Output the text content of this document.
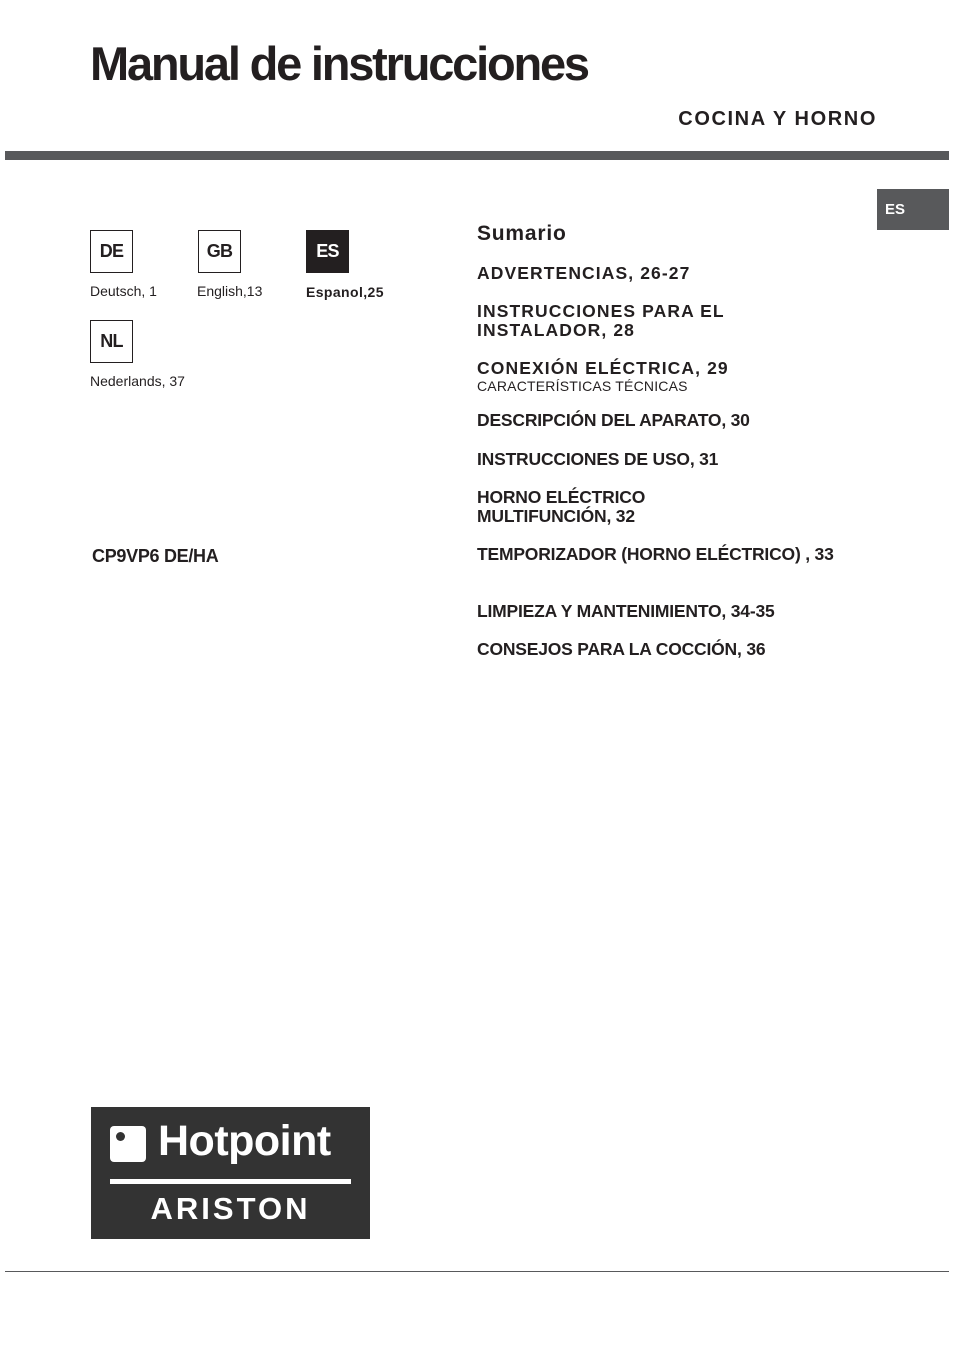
Manual de instrucciones
COCINA Y HORNO
ES
DE
Deutsch, 1
GB
English,13
ES
Espanol,25
NL
Nederlands, 37
CP9VP6 DE/HA
Sumario
ADVERTENCIAS, 26-27
INSTRUCCIONES PARA EL INSTALADOR, 28
CONEXIÓN ELÉCTRICA, 29
CARACTERÍSTICAS TÉCNICAS
DESCRIPCIÓN DEL APARATO, 30
INSTRUCCIONES DE USO, 31
HORNO ELÉCTRICO MULTIFUNCIÓN, 32
TEMPORIZADOR (HORNO ELÉCTRICO) , 33
LIMPIEZA Y MANTENIMIENTO, 34-35
CONSEJOS PARA LA COCCIÓN, 36
Hotpoint
ARISTON
